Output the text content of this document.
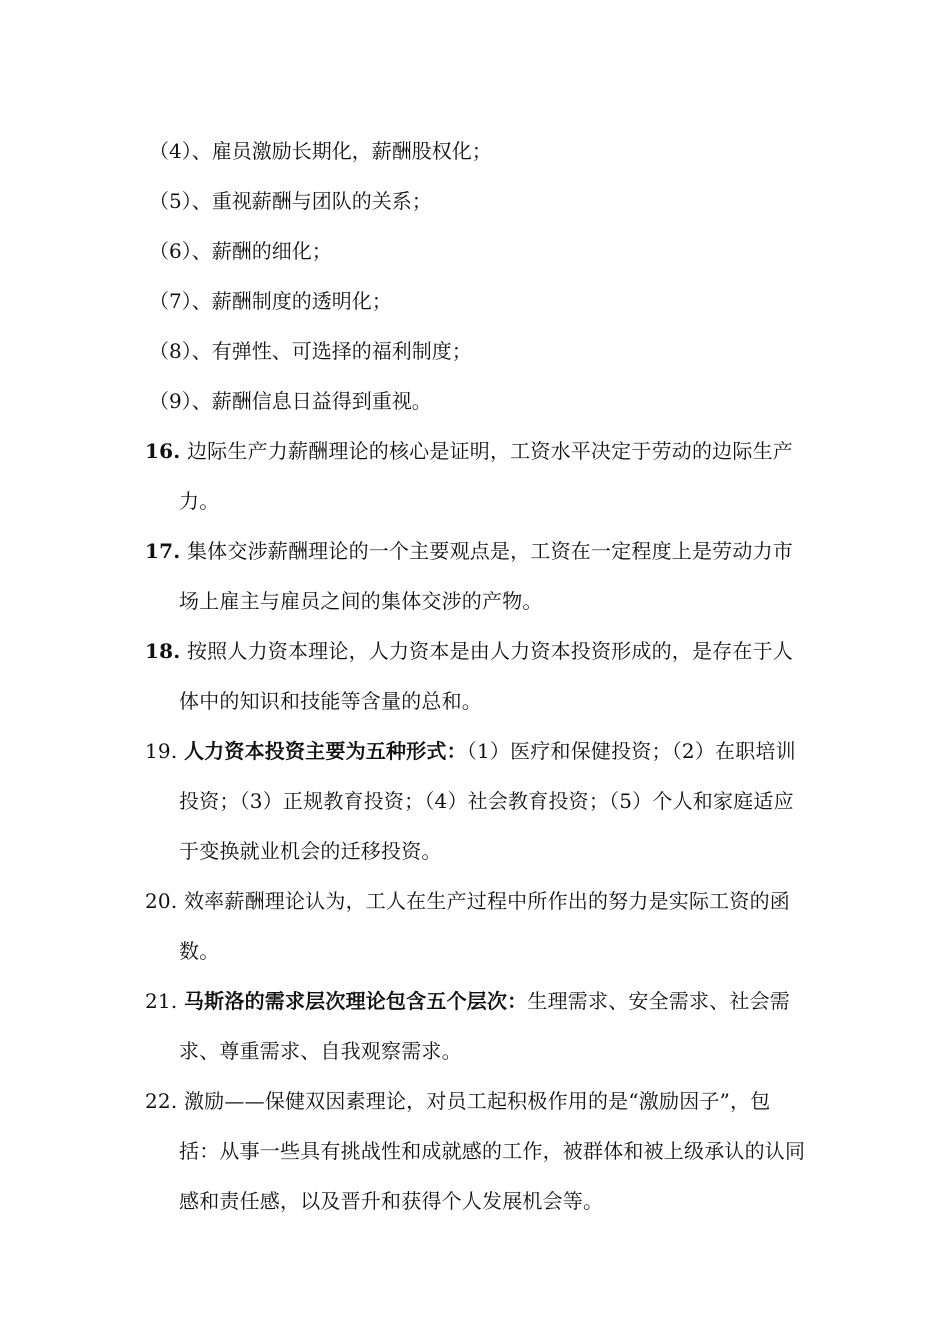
（4）、雇员激励长期化，薪酬股权化；
（5）、重视薪酬与团队的关系；
（6）、薪酬的细化；
（7）、薪酬制度的透明化；
（8）、有弹性、可选择的福利制度；
（9）、薪酬信息日益得到重视。
16. 边际生产力薪酬理论的核心是证明，工资水平决定于劳动的边际生产力。
17. 集体交涉薪酬理论的一个主要观点是，工资在一定程度上是劳动力市场上雇主与雇员之间的集体交涉的产物。
18. 按照人力资本理论，人力资本是由人力资本投资形成的，是存在于人体中的知识和技能等含量的总和。
19. 人力资本投资主要为五种形式：（1）医疗和保健投资；（2）在职培训投资；（3）正规教育投资；（4）社会教育投资；（5）个人和家庭适应于变换就业机会的迁移投资。
20. 效率薪酬理论认为，工人在生产过程中所作出的努力是实际工资的函数。
21. 马斯洛的需求层次理论包含五个层次：生理需求、安全需求、社会需求、尊重需求、自我观察需求。
22. 激励——保健双因素理论，对员工起积极作用的是“激励因子”，包括：从事一些具有挑战性和成就感的工作，被群体和被上级承认的认同感和责任感，以及晋升和获得个人发展机会等。
